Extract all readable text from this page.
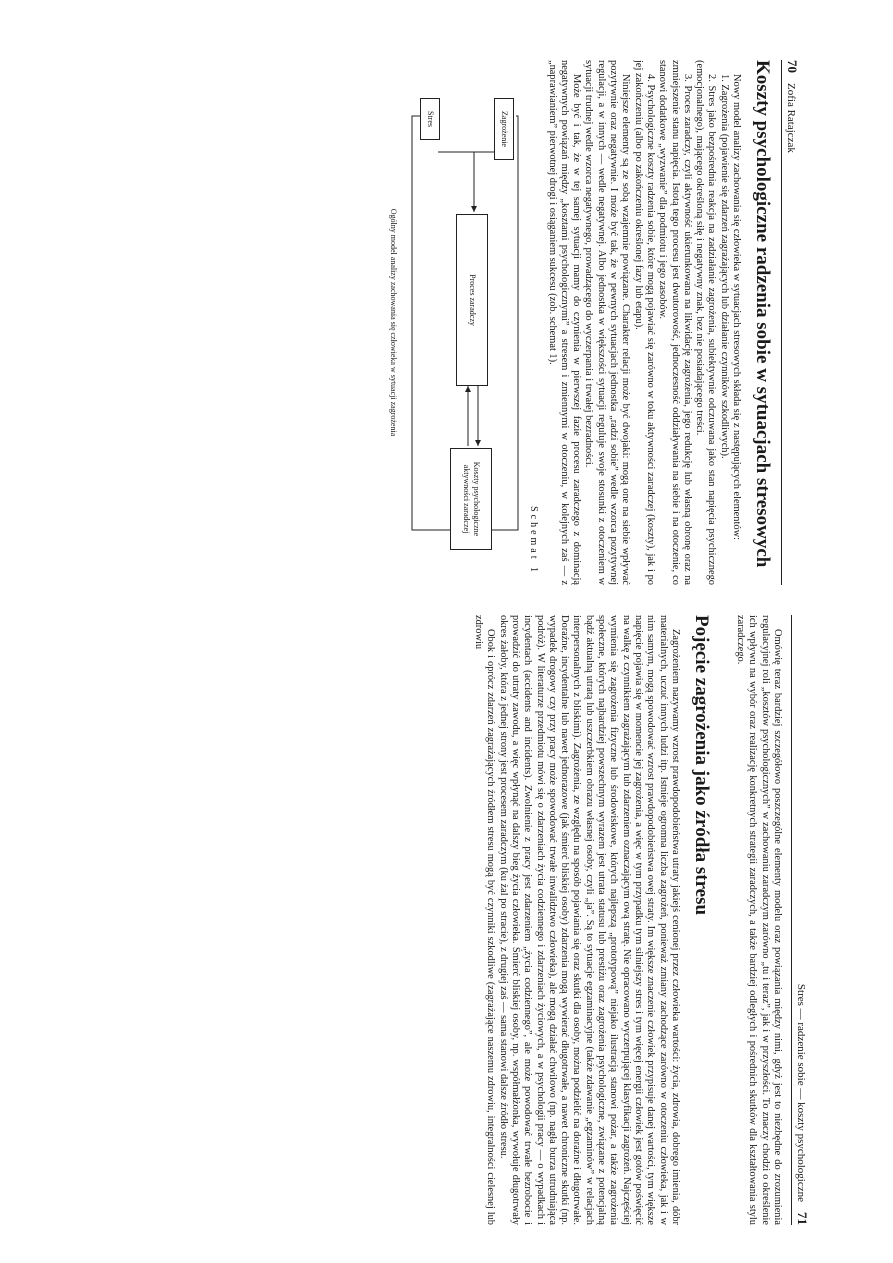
70
Zofia Ratajczak
Koszty psychologiczne radzenia sobie w sytuacjach stresowych

Nowy model analizy zachowania się człowieka w sytuacjach stresowych składa się z następujących elementów:

1. Zagrożenia (pojawienie się zdarzeń zagrażających lub działanie czynników szkodliwych).

2. Stres jako bezpośrednia reakcja na zadziałanie zagrożenia, subiektywnie odczuwana jako stan napięcia psychicznego (emocjonalnego), mającego określoną siłę i negatywny znak, bez nie posiadającego treści.

3. Proces zaradczy, czyli aktywność ukierunkowana na likwidację zagrożenia, jego redukcję lub własną obronę oraz na zmniejszenie stanu napięcia. Istotą tego procesu jest dwutorowość, jednoczesność oddziaływania na siebie i na otoczenie, co stanowi dodatkowe „wyzwanie” dla podmiotu i jego zasobów.

4. Psychologiczne koszty radzenia sobie, które mogą pojawiać się zarówno w toku aktywności zaradczej (koszty), jak i po jej zakończeniu (albo po zakończeniu określonej fazy lub etapu).

Niniejsze elementy są ze sobą wzajemnie powiązane. Charakter relacji może być dwojaki: mogą one na siebie wpływać pozytywnie oraz negatywnie. I może być tak, że w pewnych sytuacjach jednostka „radzi sobie” wedle wzorca pozytywnej regulacji, a w innych — wedle negatywnej. Albo jednostka w większości sytuacji reguluje swoje stosunki z otoczeniem w sytuacji trudnej wedle wzorca negatywnego, prowadzącego do wyczerpania i trwałej bezradności.

Może być i tak, że w tej samej sytuacji mamy do czynienia w pierwszej fazie procesu zaradczego z dominacją negatywnych powiązań między „kosztami psychologicznymi” a stresem i zmiennymi w otoczeniu, w kolejnych zaś — z „naprawianiem” pierwotnej drogi i osiąganiem sukcesu (zob. schemat 1).

Schemat 1
Zagrożenie
Stres
Proces zaradczy
Koszty psychologiczne aktywności zaradczej
Ogólny model analizy zachowania się człowieka w sytuacji zagrożenia
Stres — radzenie sobie — koszty psychologiczne
71

Omówię teraz bardziej szczegółowo poszczególne elementy modelu oraz powiązania między nimi, gdyż jest to niezbędne do zrozumienia regulacyjnej roli „kosztów psychologicznych” w zachowaniu zaradczym zarówno „tu i teraz”, jak i w przyszłości. To znaczy chodzi o określenie ich wpływu na wybór oraz realizację konkretnych strategii zaradczych, a także bardziej odległych i pośrednich skutków dla kształtowania stylu zaradczego.

Pojęcie zagrożenia jako źródła stresu

Zagrożeniem nazywamy wzrost prawdopodobieństwa utraty jakiejś cenionej przez człowieka wartości: życia, zdrowia, dobrego imienia, dóbr materialnych, uczuć innych ludzi itp. Istnieje ogromna liczba zagrożeń, ponieważ zmiany zachodzące zarówno w otoczeniu człowieka, jak i w nim samym, mogą spowodować wzrost prawdopodobieństwa owej straty. Im większe znaczenie człowiek przypisuje danej wartości, tym większe napięcie pojawia się w momencie jej zagrożenia, a więc w tym przypadku tym silniejszy stres i tym więcej energii człowiek jest gotów poświęcić na walkę z czynnikiem zagrażającym lub zdarzeniem oznaczającym ową stratę. Nie opracowano wyczerpującej klasyfikacji zagrożeń. Najczęściej wymienia się zagrożenia fizyczne lub środowiskowe, których najlepszą „prototypową” niejako ilustracją stanowi pożar, a także zagrożenia społeczne, których najbardziej powszechnym wyrazem jest utrata statusu lub prestiżu oraz zagrożenia psychologiczne, związane z potencjalną bądź aktualną utratą lub uszczerbkiem obrazu własnej osoby, czyli „ja”. Są to sytuacje egzaminacyjne (także zdawanie „egzaminów” w relacjach interpersonalnych z bliskimi). Zagrożenia, ze względu na sposób pojawiania się oraz skutki dla osoby, można podzielić na doraźne i długotrwałe. Doraźne, incydentalne lub nawet jednorazowe (jak śmierć bliskiej osoby) zdarzenia mogą wywierać długotrwałe, a nawet chroniczne skutki (np. wypadek drogowy czy przy pracy może spowodować trwałe inwalidztwo człowieka), ale mogą działać chwilowo (np. nagła burza utrudniająca podróż). W literaturze przedmiotu mówi się o zdarzeniach życia codziennego i zdarzeniach życiowych, a w psychologii pracy — o wypadkach i incydentach (accidents and incidents). Zwolnienie z pracy jest zdarzeniem „życia codziennego”, ale może powodować trwałe bezrobocie i prowadzić do utraty zawodu, a więc wpłynąć na dalszy bieg życia człowieka. Śmierć bliskiej osoby, np. współmałżonka, wywołuje długotrwały okres żałoby, która z jednej strony jest procesem zaradczym (ku żal po stracie), z drugiej zaś — sama stanowi dalsze źródło stresu.

Obok i oprócz zdarzeń zagrażających źródłem stresu mogą być czynniki szkodliwe (zagrażające naszemu zdrowiu, integralności cielesnej lub zdrowiu
